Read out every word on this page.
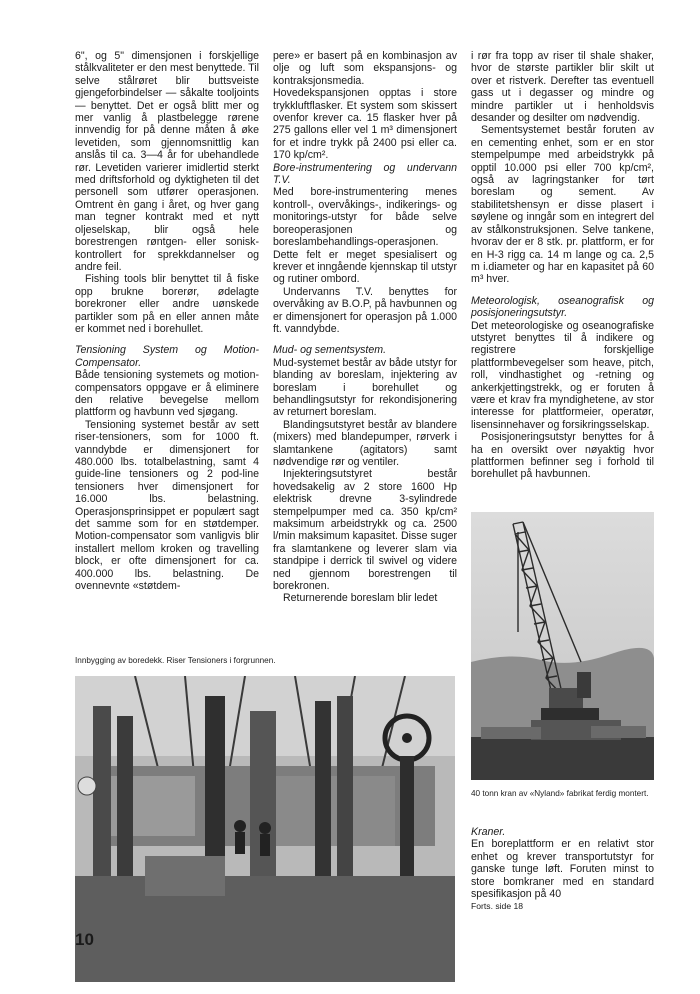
6", og 5" dimensjonen i forskjellige stålkvaliteter er den mest benyttede. Til selve stålrøret blir buttsveiste gjengeforbindelser — såkalte tooljoints — benyttet. Det er også blitt mer og mer vanlig å plastbelegge rørene innvendig for på denne måten å øke levetiden, som gjennomsnittlig kan anslås til ca. 3—4 år for ubehandlede rør. Levetiden varierer imidlertid sterkt med driftsforhold og dyktigheten til det personell som utfører operasjonen. Omtrent èn gang i året, og hver gang man tegner kontrakt med et nytt oljeselskap, blir også hele borestrengen røntgen- eller sonisk-kontrollert for sprekkdannelser og andre feil.

Fishing tools blir benyttet til å fiske opp brukne borerør, ødelagte borekroner eller andre uønskede partikler som på en eller annen måte er kommet ned i borehullet.

Tensioning System og Motion-Compensator.

Både tensioning systemets og motion-compensators oppgave er å eliminere den relative bevegelse mellom plattform og havbunn ved sjøgang.

Tensioning systemet består av sett riser-tensioners, som for 1000 ft. vanndybde er dimensjonert for 480.000 lbs. totalbelastning, samt 4 guide-line tensioners og 2 pod-line tensioners hver dimensjonert for 16.000 lbs. belastning. Operasjonsprinsippet er populært sagt det samme som for en støtdemper. Motion-compensator som vanligvis blir installert mellom kroken og travelling block, er ofte dimensjonert for ca. 400.000 lbs. belastning. De ovennevnte «støtdem-

pere» er basert på en kombinasjon av olje og luft som ekspansjons- og kontraksjonsmedia. Hovedekspansjonen opptas i store trykkluftflasker. Et system som skissert ovenfor krever ca. 15 flasker hver på 275 gallons eller vel 1 m³ dimensjonert for et indre trykk på 2400 psi eller ca. 170 kp/cm².

Bore-instrumentering og undervann T.V.

Med bore-instrumentering menes kontroll-, overvåkings-, indikerings- og monitorings-utstyr for både selve boreoperasjonen og boreslambehandlings-operasjonen. Dette felt er meget spesialisert og krever et inngående kjennskap til utstyr og rutiner ombord.

Undervanns T.V. benyttes for overvåking av B.O.P, på havbunnen og er dimensjonert for operasjon på 1.000 ft. vanndybde.

Mud- og sementsystem.

Mud-systemet består av både utstyr for blanding av boreslam, injektering av boreslam i borehullet og behandlingsutstyr for rekondisjonering av returnert boreslam.

Blandingsutstyret består av blandere (mixers) med blandepumper, rørverk i slamtankene (agitators) samt nødvendige rør og ventiler.

Injekteringsutstyret består hovedsakelig av 2 store 1600 Hp elektrisk drevne 3-sylindrede stempelpumper med ca. 350 kp/cm² maksimum arbeidstrykk og ca. 2500 l/min maksimum kapasitet. Disse suger fra slamtankene og leverer slam via standpipe i derrick til swivel og videre ned gjennom borestrengen til borekronen.

Returnerende boreslam blir ledet

i rør fra topp av riser til shale shaker, hvor de største partikler blir skilt ut over et ristverk. Derefter tas eventuell gass ut i degasser og mindre og mindre partikler ut i henholdsvis desander og desilter om nødvendig.

Sementsystemet består foruten av en cementing enhet, som er en stor stempelpumpe med arbeidstrykk på opptil 10.000 psi eller 700 kp/cm², også av lagringstanker for tørt boreslam og sement. Av stabilitetshensyn er disse plasert i søylene og inngår som en integrert del av stålkonstruksjonen. Selve tankene, hvorav der er 8 stk. pr. plattform, er for en H-3 rigg ca. 14 m lange og ca. 2,5 m i.diameter og har en kapasitet på 60 m³ hver.

Meteorologisk, oseanografisk og posisjoneringsutstyr.

Det meteorologiske og oseanografiske utstyret benyttes til å indikere og registrere forskjellige plattformbevegelser som heave, pitch, roll, vindhastighet og -retning og ankerkjettingstrekk, og er foruten å være et krav fra myndighetene, av stor interesse for plattformeier, operatør, lisensinnehaver og forsikringsselskap.

Posisjoneringsutstyr benyttes for å ha en oversikt over nøyaktig hvor plattformen befinner seg i forhold til borehullet på havbunnen.

40 tonn kran av «Nyland» fabrikat ferdig montert.
Kraner.

En boreplattform er en relativt stor enhet og krever transportutstyr for ganske tunge løft. Foruten minst to store bomkraner med en standard spesifikasjon på 40

Forts. side 18

Innbygging av boredekk. Riser Tensioners i forgrunnen.
10
